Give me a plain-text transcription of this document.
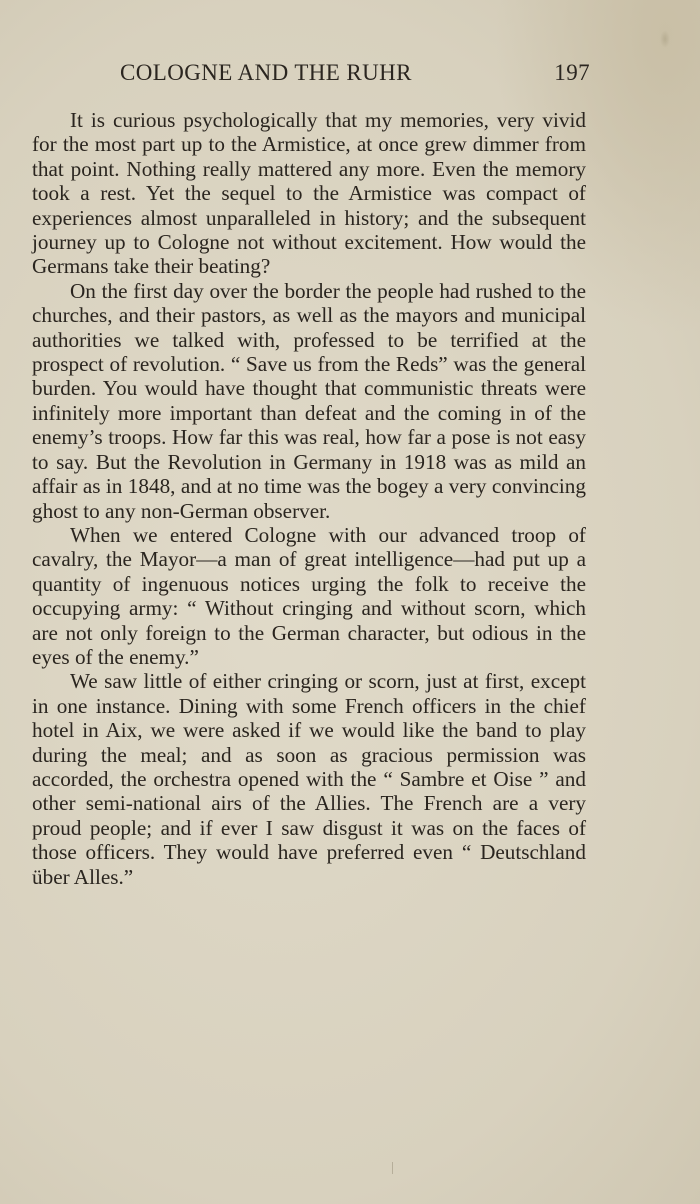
COLOGNE AND THE RUHR	197

It is curious psychologically that my memories, very vivid for the most part up to the Armistice, at once grew dimmer from that point. Nothing really mattered any more. Even the memory took a rest. Yet the sequel to the Armistice was compact of experiences almost unparalleled in history; and the subsequent journey up to Cologne not without excitement. How would the Germans take their beating?

On the first day over the border the people had rushed to the churches, and their pastors, as well as the mayors and municipal authorities we talked with, professed to be terrified at the prospect of revolution. “ Save us from the Reds” was the general burden. You would have thought that communistic threats were infinitely more important than defeat and the coming in of the enemy’s troops. How far this was real, how far a pose is not easy to say. But the Revolution in Germany in 1918 was as mild an affair as in 1848, and at no time was the bogey a very convincing ghost to any non-German observer.

When we entered Cologne with our advanced troop of cavalry, the Mayor—a man of great intelligence—had put up a quantity of ingenuous notices urging the folk to receive the occupying army: “ Without cringing and without scorn, which are not only foreign to the German character, but odious in the eyes of the enemy.”

We saw little of either cringing or scorn, just at first, except in one instance. Dining with some French officers in the chief hotel in Aix, we were asked if we would like the band to play during the meal; and as soon as gracious permission was accorded, the orchestra opened with the “ Sambre et Oise ” and other semi-national airs of the Allies. The French are a very proud people; and if ever I saw disgust it was on the faces of those officers. They would have preferred even “ Deutschland über Alles.”
